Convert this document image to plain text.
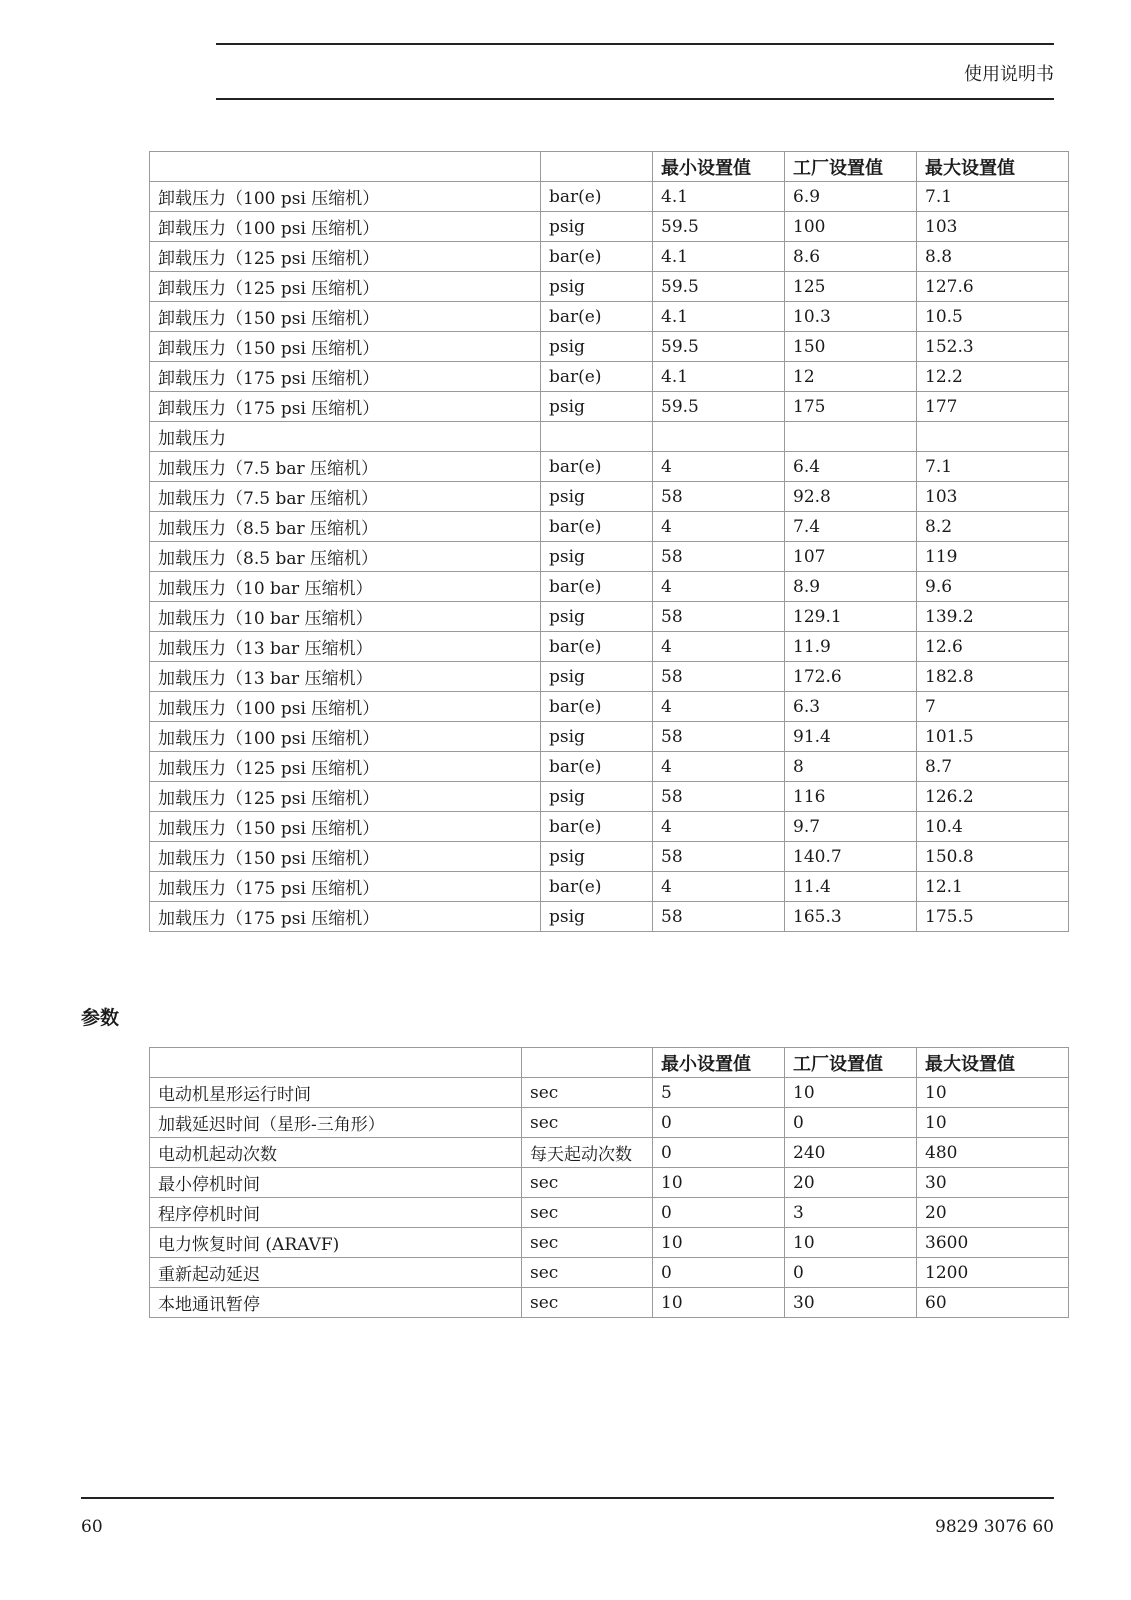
使用说明书
		最小设置值	工厂设置值	最大设置值
卸载压力（100 psi 压缩机）	bar(e)	4.1	6.9	7.1
卸载压力（100 psi 压缩机）	psig	59.5	100	103
卸载压力（125 psi 压缩机）	bar(e)	4.1	8.6	8.8
卸载压力（125 psi 压缩机）	psig	59.5	125	127.6
卸载压力（150 psi 压缩机）	bar(e)	4.1	10.3	10.5
卸载压力（150 psi 压缩机）	psig	59.5	150	152.3
卸载压力（175 psi 压缩机）	bar(e)	4.1	12	12.2
卸载压力（175 psi 压缩机）	psig	59.5	175	177
加载压力				
加载压力（7.5 bar 压缩机）	bar(e)	4	6.4	7.1
加载压力（7.5 bar 压缩机）	psig	58	92.8	103
加载压力（8.5 bar 压缩机）	bar(e)	4	7.4	8.2
加载压力（8.5 bar 压缩机）	psig	58	107	119
加载压力（10 bar 压缩机）	bar(e)	4	8.9	9.6
加载压力（10 bar 压缩机）	psig	58	129.1	139.2
加载压力（13 bar 压缩机）	bar(e)	4	11.9	12.6
加载压力（13 bar 压缩机）	psig	58	172.6	182.8
加载压力（100 psi 压缩机）	bar(e)	4	6.3	7
加载压力（100 psi 压缩机）	psig	58	91.4	101.5
加载压力（125 psi 压缩机）	bar(e)	4	8	8.7
加载压力（125 psi 压缩机）	psig	58	116	126.2
加载压力（150 psi 压缩机）	bar(e)	4	9.7	10.4
加载压力（150 psi 压缩机）	psig	58	140.7	150.8
加载压力（175 psi 压缩机）	bar(e)	4	11.4	12.1
加载压力（175 psi 压缩机）	psig	58	165.3	175.5
参数
		最小设置值	工厂设置值	最大设置值
电动机星形运行时间	sec	5	10	10
加载延迟时间（星形-三角形）	sec	0	0	10
电动机起动次数	每天起动次数	0	240	480
最小停机时间	sec	10	20	30
程序停机时间	sec	0	3	20
电力恢复时间 (ARAVF)	sec	10	10	3600
重新起动延迟	sec	0	0	1200
本地通讯暂停	sec	10	30	60
60	9829 3076 60
